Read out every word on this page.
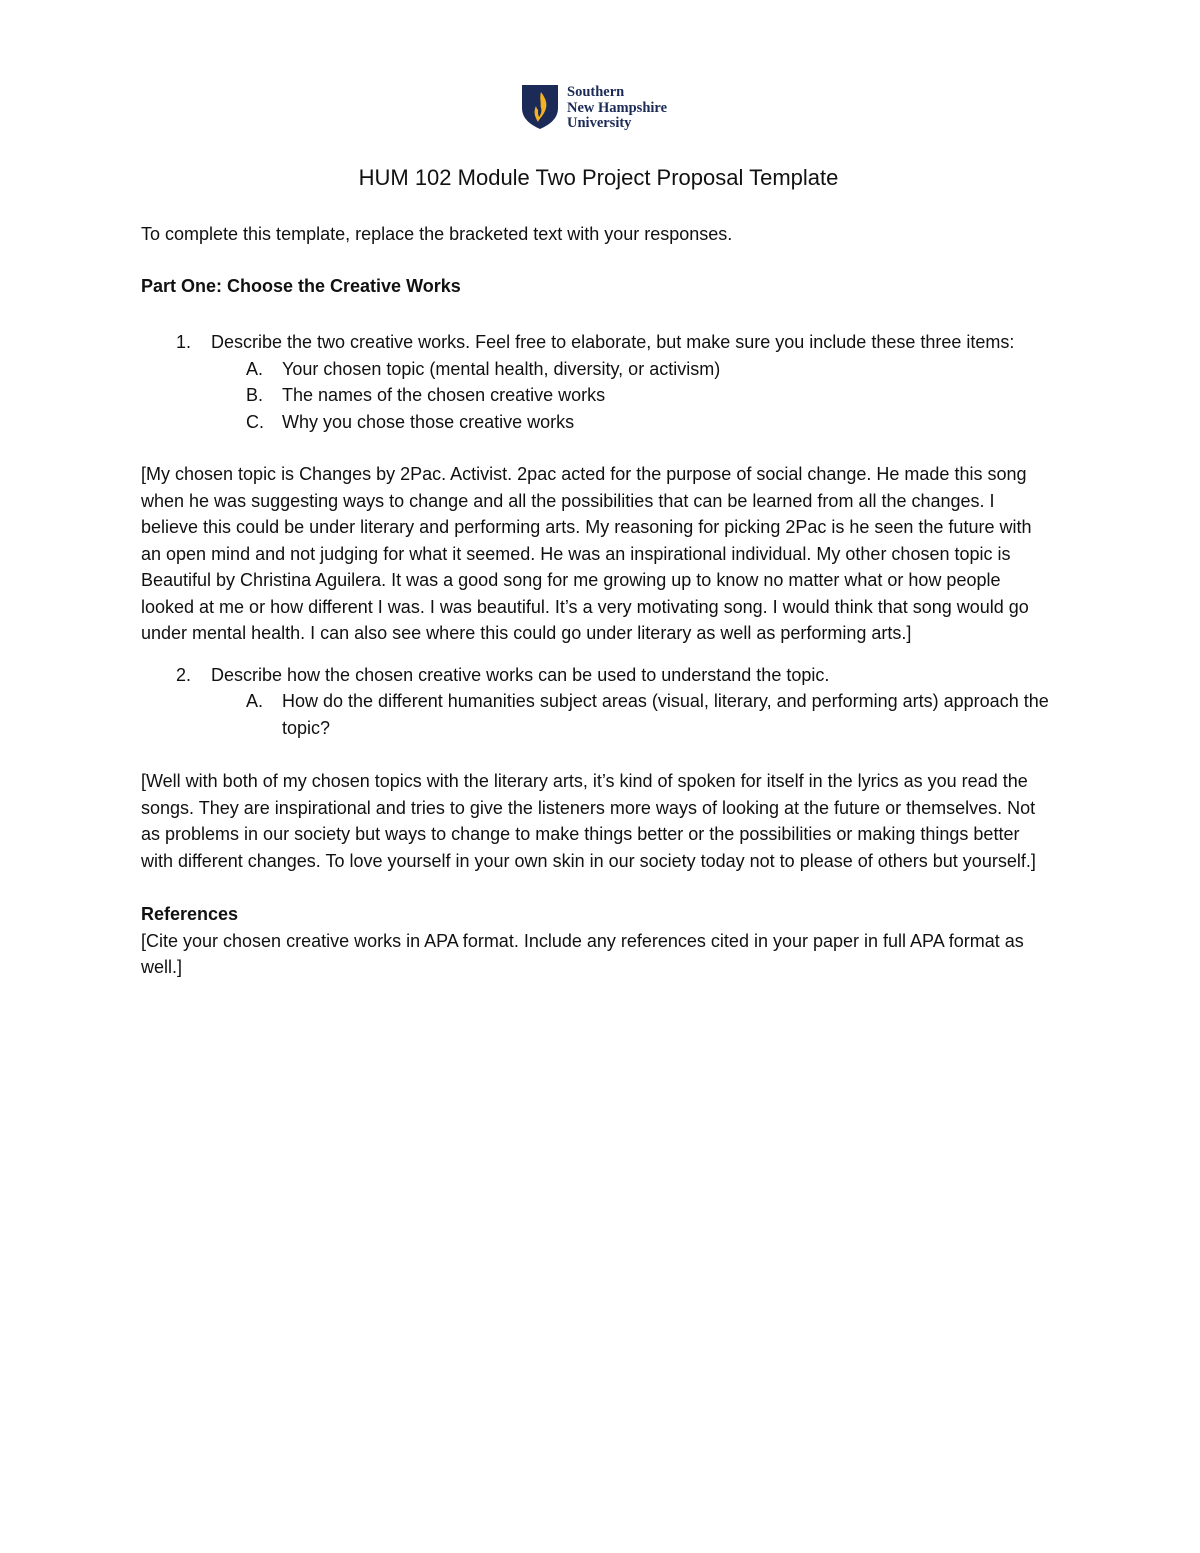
Southern
New Hampshire
University
HUM 102 Module Two Project Proposal Template

To complete this template, replace the bracketed text with your responses.

Part One: Choose the Creative Works

1. Describe the two creative works. Feel free to elaborate, but make sure you include these three items:
A. Your chosen topic (mental health, diversity, or activism)
B. The names of the chosen creative works
C. Why you chose those creative works

[My chosen topic is Changes by 2Pac. Activist. 2pac acted for the purpose of social change. He made this song when he was suggesting ways to change and all the possibilities that can be learned from all the changes. I believe this could be under literary and performing arts. My reasoning for picking 2Pac is he seen the future with an open mind and not judging for what it seemed. He was an inspirational individual. My other chosen topic is Beautiful by Christina Aguilera. It was a good song for me growing up to know no matter what or how people looked at me or how different I was. I was beautiful. It’s a very motivating song. I would think that song would go under mental health. I can also see where this could go under literary as well as performing arts.]

2. Describe how the chosen creative works can be used to understand the topic.
A. How do the different humanities subject areas (visual, literary, and performing arts) approach the topic?

[Well with both of my chosen topics with the literary arts, it’s kind of spoken for itself in the lyrics as you read the songs. They are inspirational and tries to give the listeners more ways of looking at the future or themselves. Not as problems in our society but ways to change to make things better or the possibilities or making things better with different changes. To love yourself in your own skin in our society today not to please of others but yourself.]

References

[Cite your chosen creative works in APA format. Include any references cited in your paper in full APA format as well.]
